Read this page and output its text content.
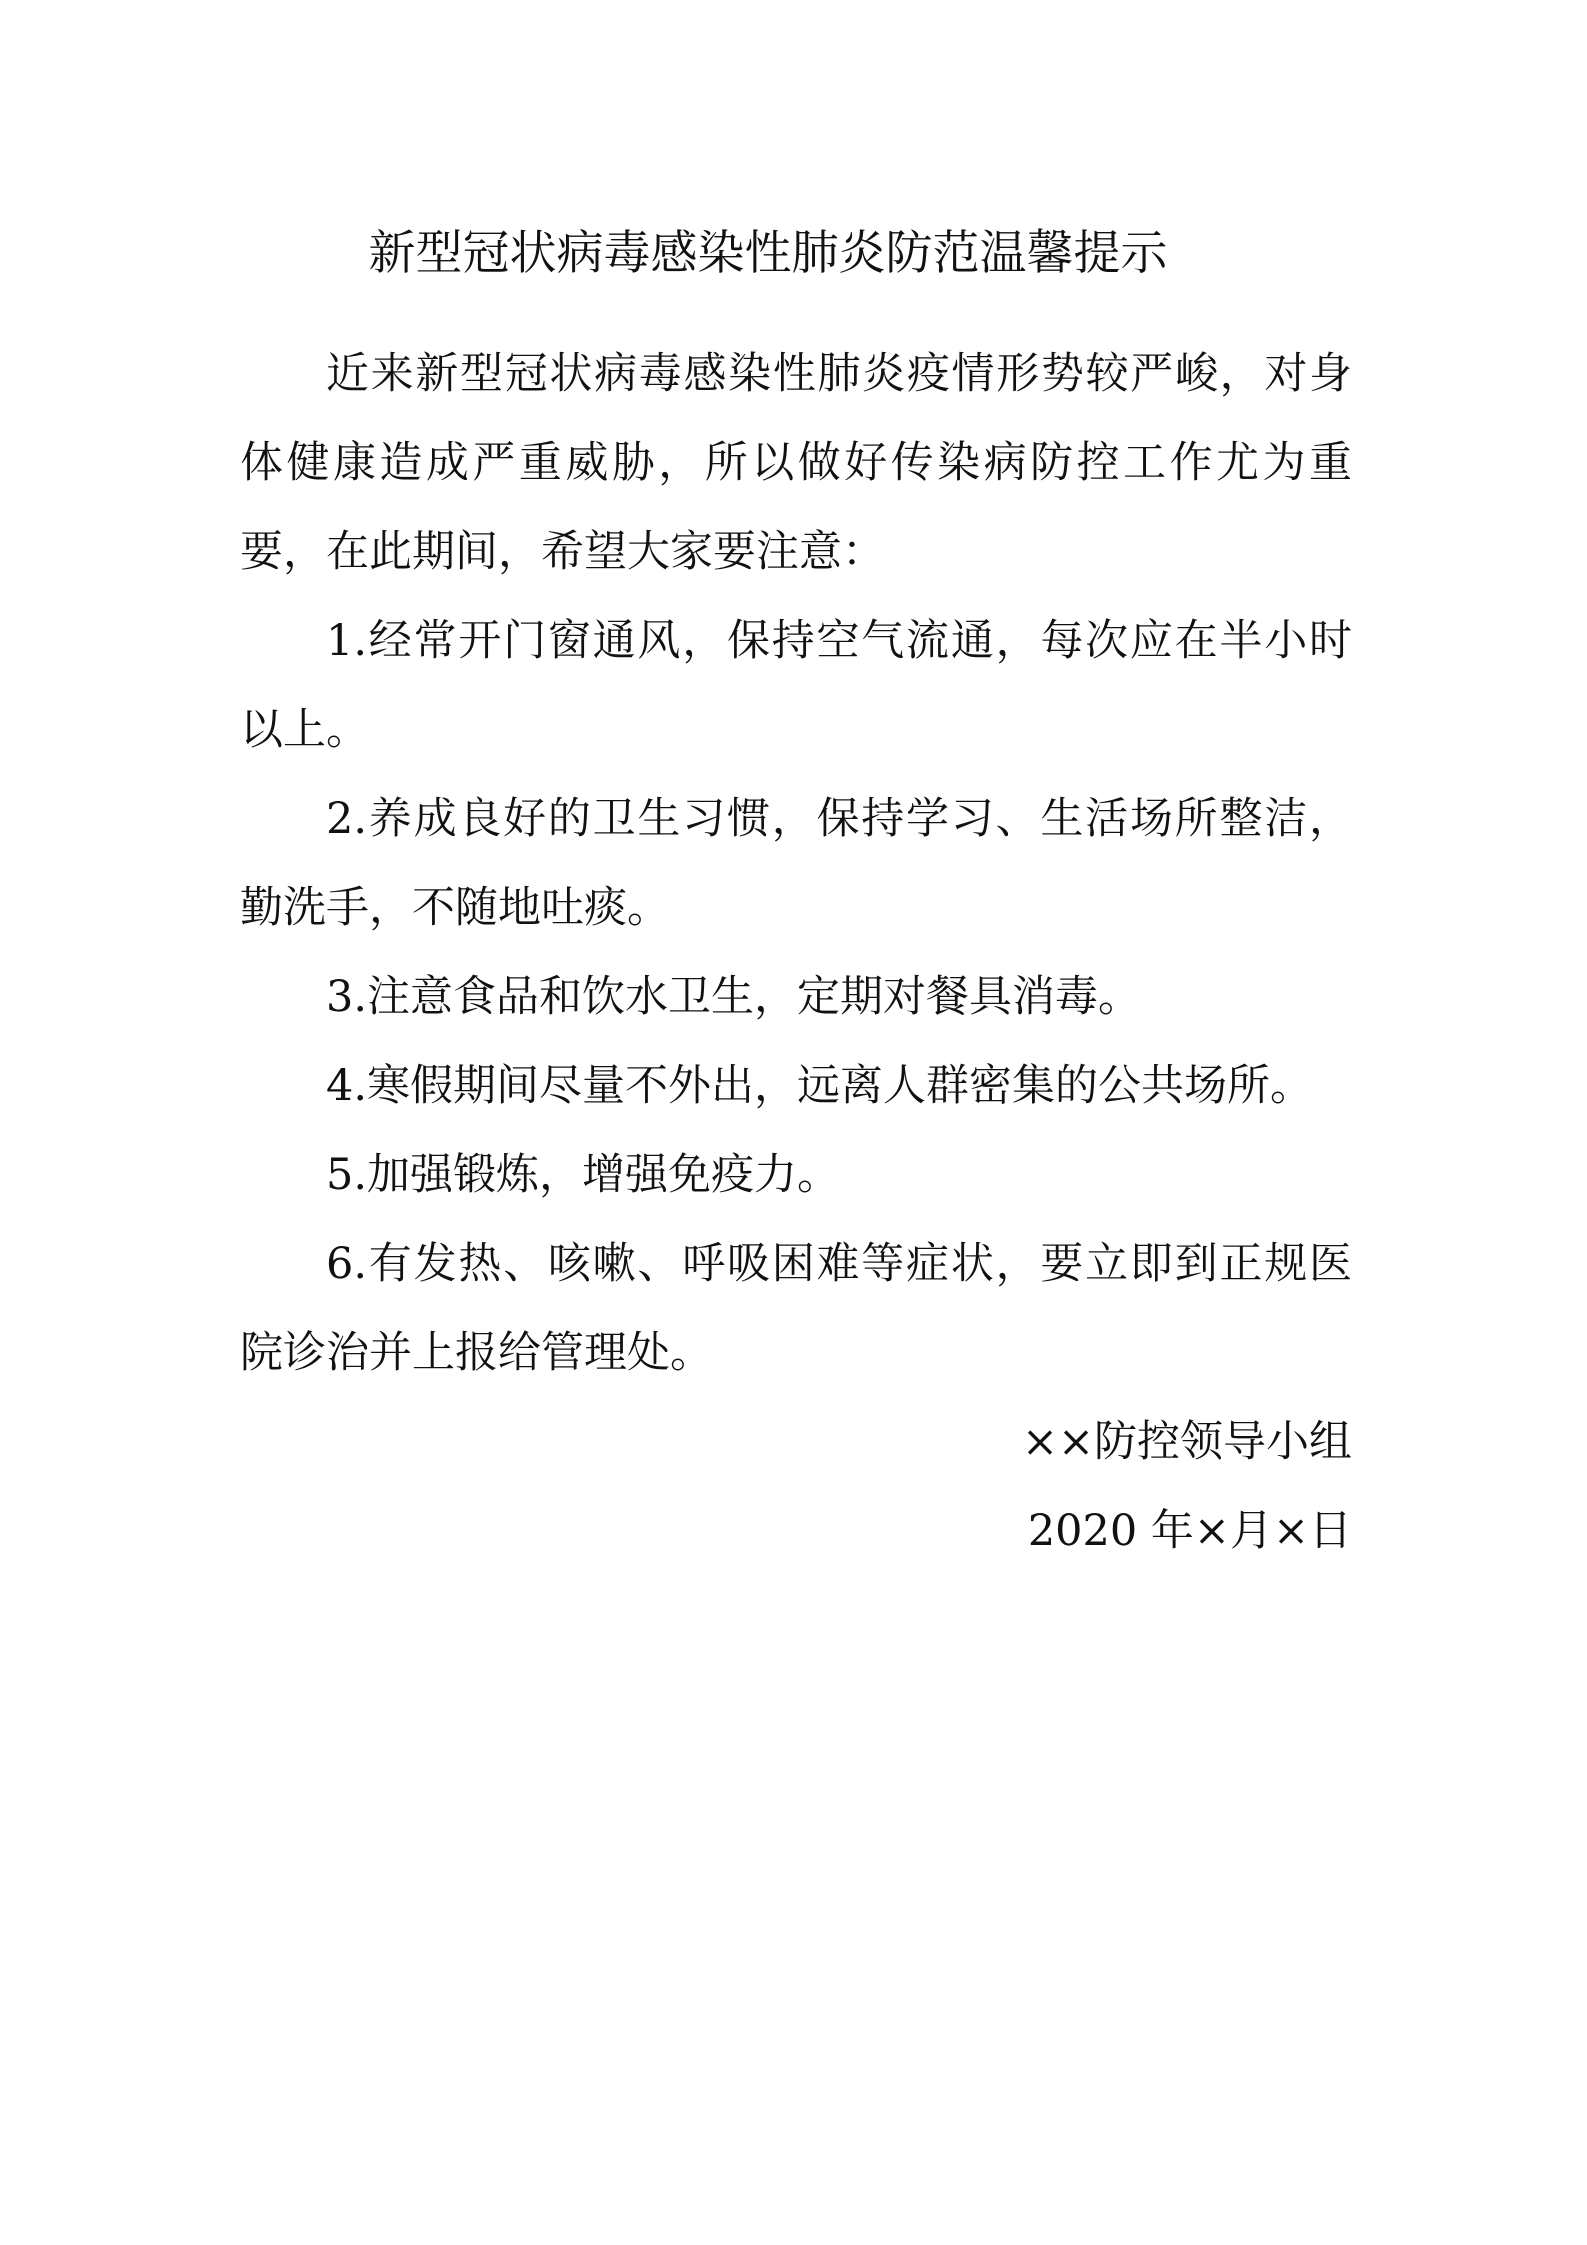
新型冠状病毒感染性肺炎防范温馨提示

近来新型冠状病毒感染性肺炎疫情形势较严峻，对身体健康造成严重威胁，所以做好传染病防控工作尤为重要，在此期间，希望大家要注意：

1.经常开门窗通风，保持空气流通，每次应在半小时以上。

2.养成良好的卫生习惯，保持学习、生活场所整洁，勤洗手，不随地吐痰。

3.注意食品和饮水卫生，定期对餐具消毒。

4.寒假期间尽量不外出，远离人群密集的公共场所。

5.加强锻炼，增强免疫力。

6.有发热、咳嗽、呼吸困难等症状，要立即到正规医院诊治并上报给管理处。

××防控领导小组

2020 年×月×日
